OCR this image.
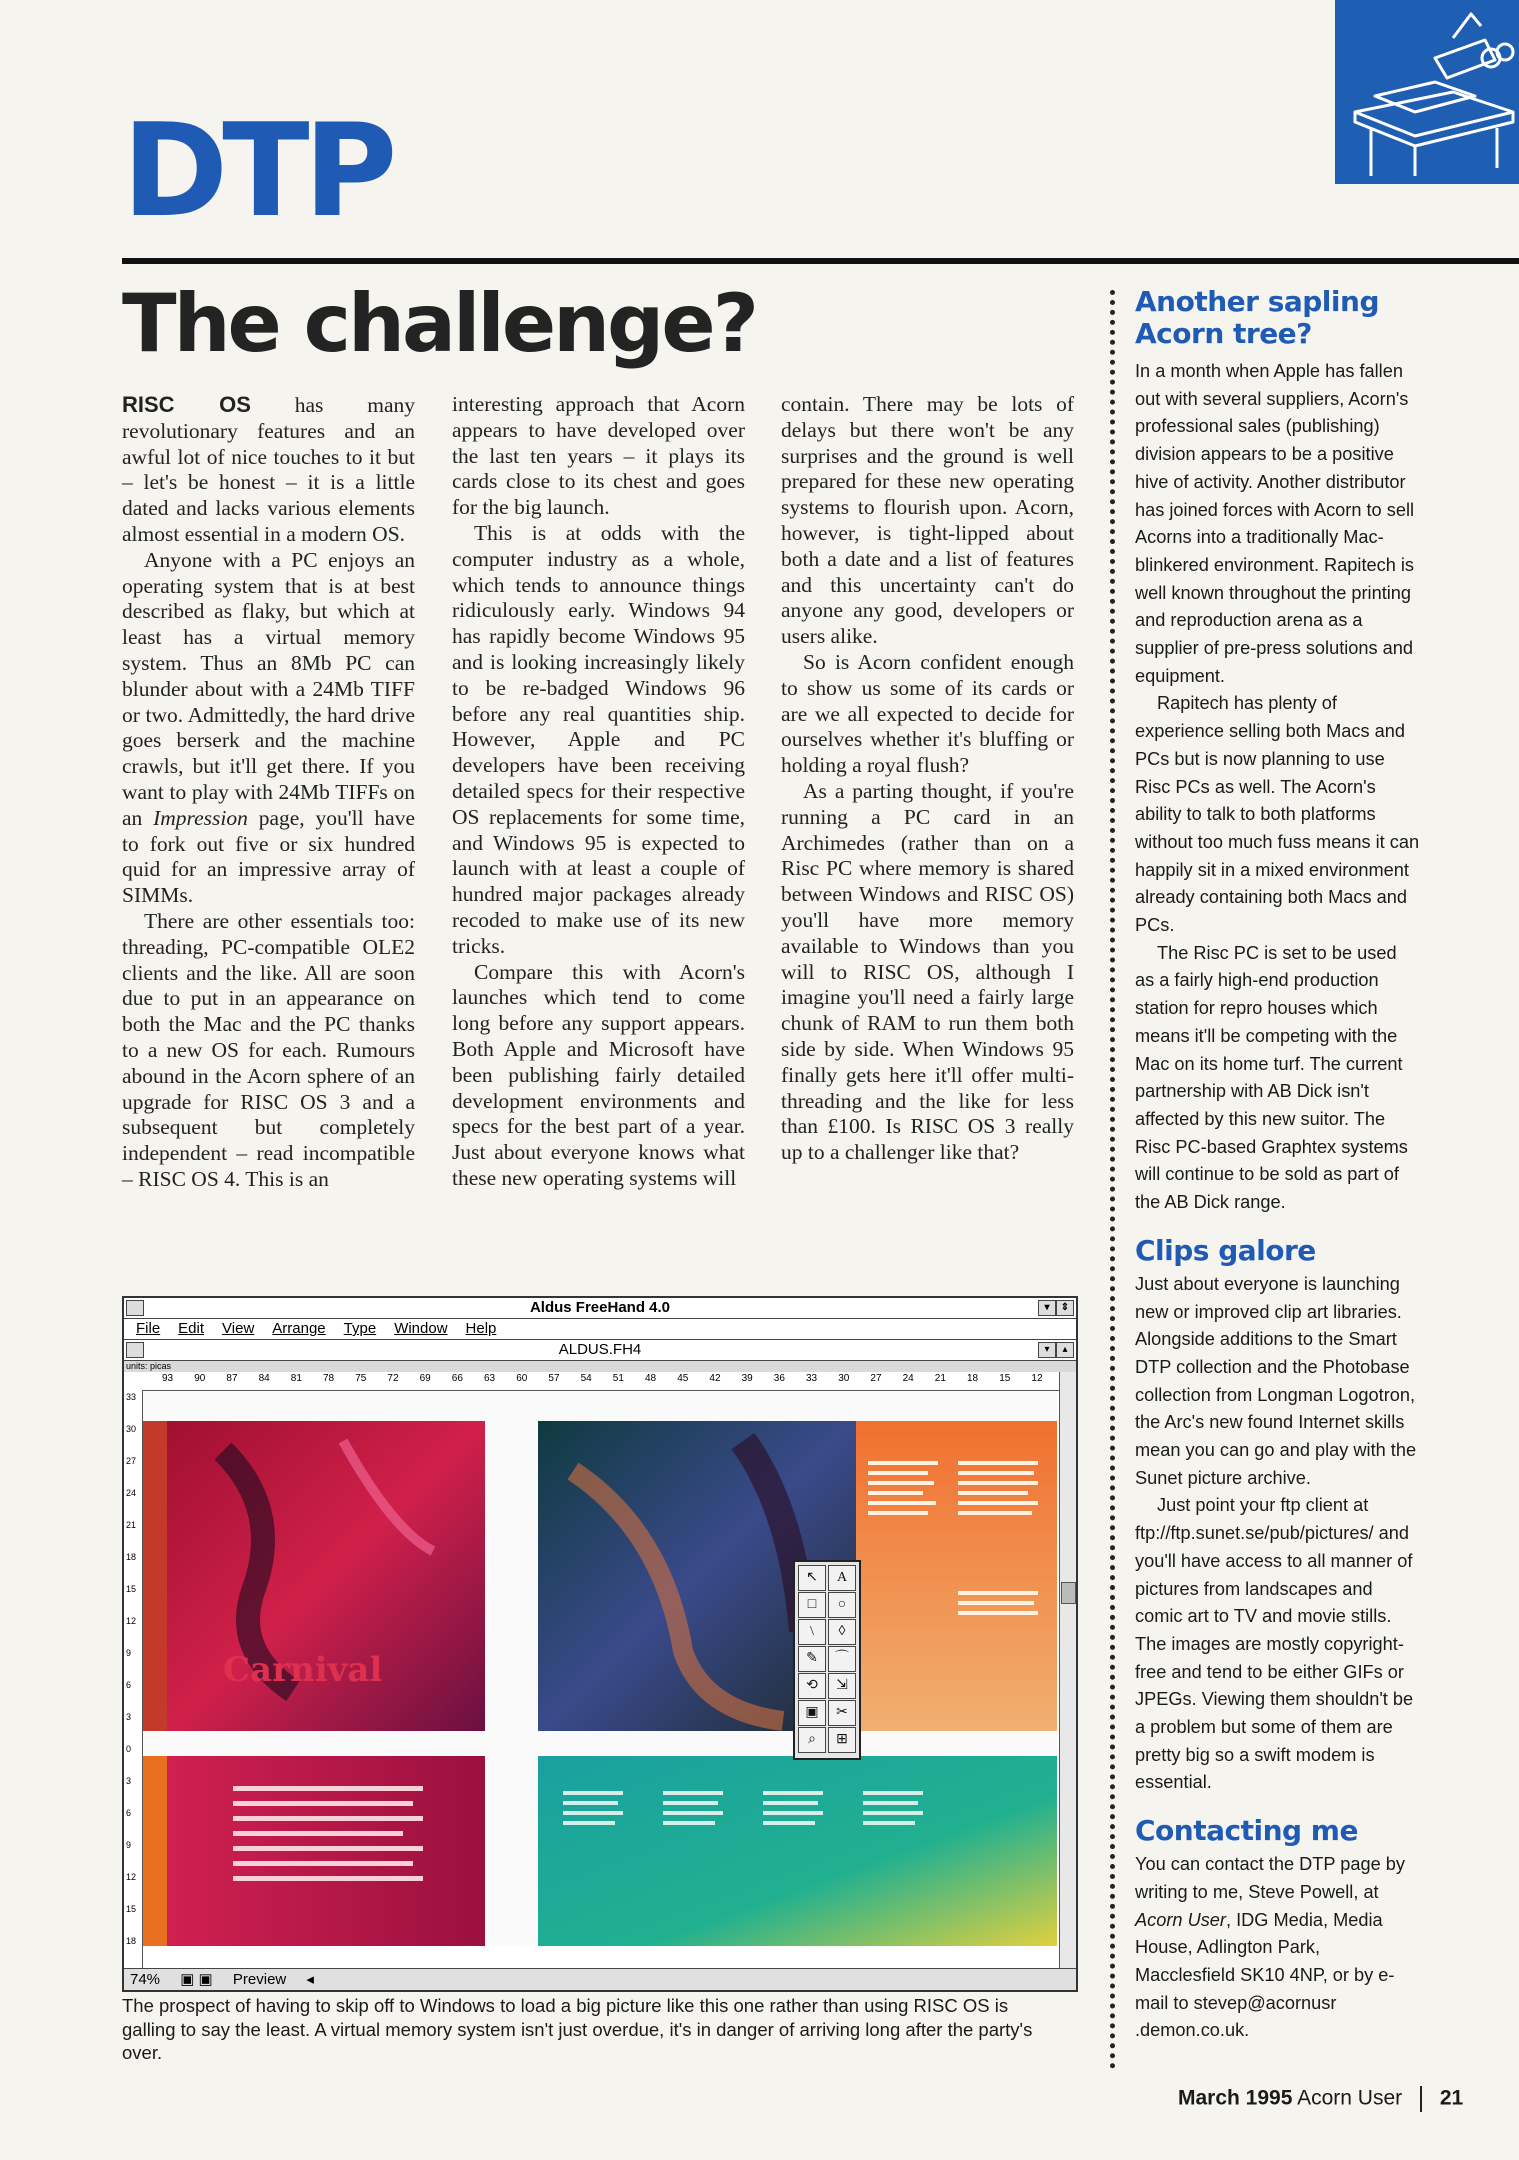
DTP
The challenge?

RISC OS has many revolutionary features and an awful lot of nice touches to it but – let's be honest – it is a little dated and lacks various elements almost essential in a modern OS.

Anyone with a PC enjoys an operating system that is at best described as flaky, but which at least has a virtual memory system. Thus an 8Mb PC can blunder about with a 24Mb TIFF or two. Admittedly, the hard drive goes berserk and the machine crawls, but it'll get there. If you want to play with 24Mb TIFFs on an Impression page, you'll have to fork out five or six hundred quid for an impressive array of SIMMs.

There are other essentials too: threading, PC-compatible OLE2 clients and the like. All are soon due to put in an appearance on both the Mac and the PC thanks to a new OS for each. Rumours abound in the Acorn sphere of an upgrade for RISC OS 3 and a subsequent but completely independent – read incompatible – RISC OS 4. This is an

interesting approach that Acorn appears to have developed over the last ten years – it plays its cards close to its chest and goes for the big launch.

This is at odds with the computer industry as a whole, which tends to announce things ridiculously early. Windows 94 has rapidly become Windows 95 and is looking increasingly likely to be re-badged Windows 96 before any real quantities ship. However, Apple and PC developers have been receiving detailed specs for their respective OS replacements for some time, and Windows 95 is expected to launch with at least a couple of hundred major packages already recoded to make use of its new tricks.

Compare this with Acorn's launches which tend to come long before any support appears. Both Apple and Microsoft have been publishing fairly detailed development environments and specs for the best part of a year. Just about everyone knows what these new operating systems will

contain. There may be lots of delays but there won't be any surprises and the ground is well prepared for these new operating systems to flourish upon. Acorn, however, is tight-lipped about both a date and a list of features and this uncertainty can't do anyone any good, developers or users alike.

So is Acorn confident enough to show us some of its cards or are we all expected to decide for ourselves whether it's bluffing or holding a royal flush?

As a parting thought, if you're running a PC card in an Archimedes (rather than on a Risc PC where memory is shared between Windows and RISC OS) you'll have more memory available to Windows than you will to RISC OS, although I imagine you'll need a fairly large chunk of RAM to run them both side by side. When Windows 95 finally gets here it'll offer multi-threading and the like for less than £100. Is RISC OS 3 really up to a challenger like that?

Another sapling Acorn tree?

In a month when Apple has fallen out with several suppliers, Acorn's professional sales (publishing) division appears to be a positive hive of activity. Another distributor has joined forces with Acorn to sell Acorns into a traditionally Mac-blinkered environment. Rapitech is well known throughout the printing and reproduction arena as a supplier of pre-press solutions and equipment.

Rapitech has plenty of experience selling both Macs and PCs but is now planning to use Risc PCs as well. The Acorn's ability to talk to both platforms without too much fuss means it can happily sit in a mixed environment already containing both Macs and PCs.

The Risc PC is set to be used as a fairly high-end production station for repro houses which means it'll be competing with the Mac on its home turf. The current partnership with AB Dick isn't affected by this new suitor. The Risc PC-based Graphtex systems will continue to be sold as part of the AB Dick range.

Clips galore

Just about everyone is launching new or improved clip art libraries. Alongside additions to the Smart DTP collection and the Photobase collection from Longman Logotron, the Arc's new found Internet skills mean you can go and play with the Sunet picture archive.

Just point your ftp client at ftp://ftp.sunet.se/pub/pictures/ and you'll have access to all manner of pictures from landscapes and comic art to TV and movie stills. The images are mostly copyright-free and tend to be either GIFs or JPEGs. Viewing them shouldn't be a problem but some of them are pretty big so a swift modem is essential.

Contacting me

You can contact the DTP page by writing to me, Steve Powell, at Acorn User, IDG Media, Media House, Adlington Park, Macclesfield SK10 4NP, or by e-mail to stevep@acornusr .demon.co.uk.

Aldus FreeHand 4.0	▾	⇕
File Edit View Arrange Type Window Help
ALDUS.FH4	▾	▴
units: picas
93 90 87 84 81 78 75 72 69 66 63 60 57 54 51 48 45 42 39 36 33 30 27 24 21 18 15 12
33
30
27
24
21
18
15
12
9
6
3
0
3
6
9
12
15
18
Carnival
74% ▣ ▣ Preview ◂
↖	A
□	○
\	◊
✎	⌒
⟲	⇲
▣	✂
⌕	⊞
The prospect of having to skip off to Windows to load a big picture like this one rather than using RISC OS is galling to say the least. A virtual memory system isn't just overdue, it's in danger of arriving long after the party's over.
March 1995 Acorn User 21
